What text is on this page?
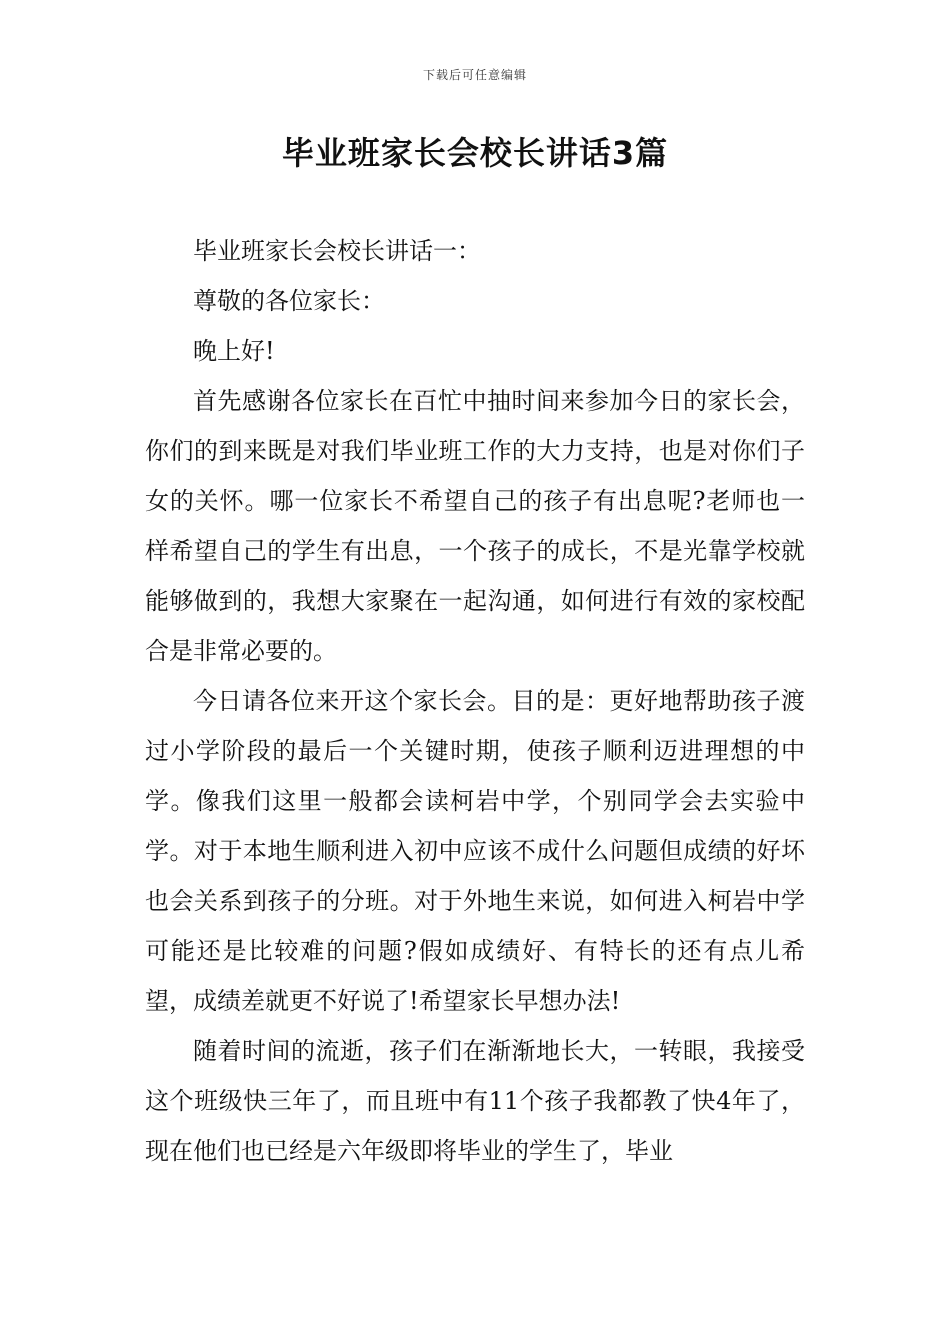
下载后可任意编辑
毕业班家长会校长讲话3篇

毕业班家长会校长讲话一：

尊敬的各位家长：

晚上好!

首先感谢各位家长在百忙中抽时间来参加今日的家长会，你们的到来既是对我们毕业班工作的大力支持，也是对你们子女的关怀。哪一位家长不希望自己的孩子有出息呢?老师也一样希望自己的学生有出息，一个孩子的成长，不是光靠学校就能够做到的，我想大家聚在一起沟通，如何进行有效的家校配合是非常必要的。

今日请各位来开这个家长会。目的是：更好地帮助孩子渡过小学阶段的最后一个关键时期，使孩子顺利迈进理想的中学。像我们这里一般都会读柯岩中学，个别同学会去实验中学。对于本地生顺利进入初中应该不成什么问题但成绩的好坏也会关系到孩子的分班。对于外地生来说，如何进入柯岩中学可能还是比较难的问题?假如成绩好、有特长的还有点儿希望，成绩差就更不好说了!希望家长早想办法!

随着时间的流逝，孩子们在渐渐地长大，一转眼，我接受这个班级快三年了，而且班中有11个孩子我都教了快4年了，现在他们也已经是六年级即将毕业的学生了，毕业
